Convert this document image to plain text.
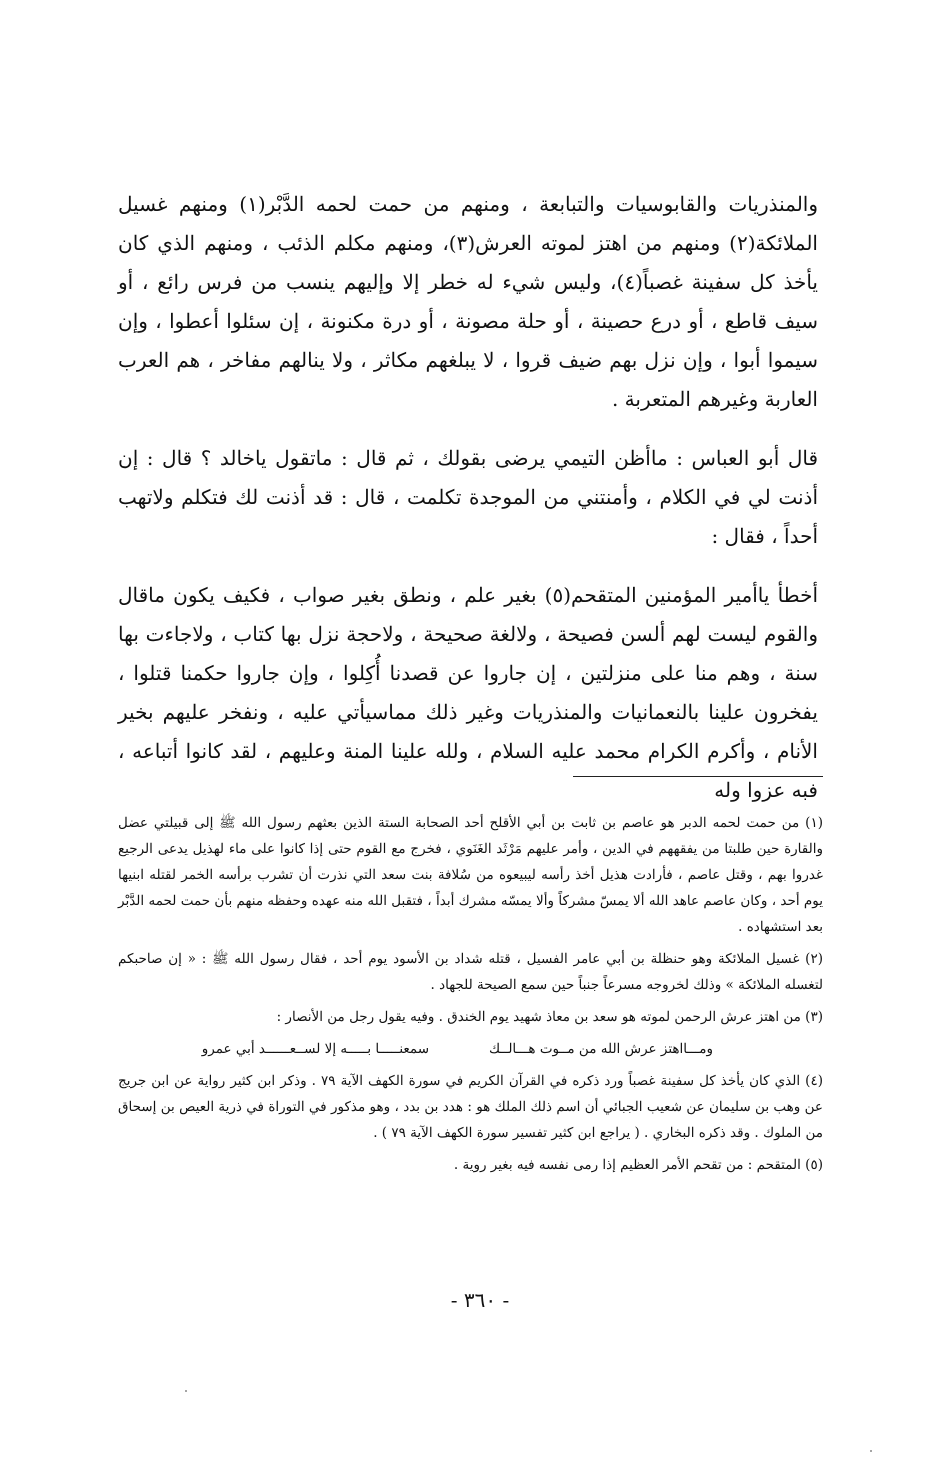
والمنذريات والقابوسيات والتبابعة ، ومنهم من حمت لحمه الدَّبْر(١) ومنهم غسيل الملائكة(٢) ومنهم من اهتز لموته العرش(٣)، ومنهم مكلم الذئب ، ومنهم الذي كان يأخذ كل سفينة غصباً(٤)، وليس شيء له خطر إلا وإليهم ينسب من فرس رائع ، أو سيف قاطع ، أو درع حصينة ، أو حلة مصونة ، أو درة مكنونة ، إن سئلوا أعطوا ، وإن سيموا أبوا ، وإن نزل بهم ضيف قروا ، لا يبلغهم مكاثر ، ولا ينالهم مفاخر ، هم العرب العاربة وغيرهم المتعربة .

قال أبو العباس : ماأظن التيمي يرضى بقولك ، ثم قال : ماتقول ياخالد ؟ قال : إن أذنت لي في الكلام ، وأمنتني من الموجدة تكلمت ، قال : قد أذنت لك فتكلم ولاتهب أحداً ، فقال :

أخطأ ياأمير المؤمنين المتقحم(٥) بغير علم ، ونطق بغير صواب ، فكيف يكون ماقال والقوم ليست لهم ألسن فصيحة ، ولالغة صحيحة ، ولاحجة نزل بها كتاب ، ولاجاءت بها سنة ، وهم منا على منزلتين ، إن جاروا عن قصدنا أُكِلوا ، وإن جاروا حكمنا قتلوا ، يفخرون علينا بالنعمانيات والمنذريات وغير ذلك مماسيأتي عليه ، ونفخر عليهم بخير الأنام ، وأكرم الكرام محمد عليه السلام ، ولله علينا المنة وعليهم ، لقد كانوا أتباعه ، فبه عزوا وله

(١) من حمت لحمه الدبر هو عاصم بن ثابت بن أبي الأقلح أحد الصحابة الستة الذين بعثهم رسول الله ﷺ إلى قبيلتي عضل والقارة حين طلبتا من يفقههم في الدين ، وأمر عليهم مَرْثَد الغَنَوي ، فخرج مع القوم حتى إذا كانوا على ماء لهذيل يدعى الرجيع غدروا بهم ، وقتل عاصم ، فأرادت هذيل أخذ رأسه ليبيعوه من سُلافة بنت سعد التي نذرت أن تشرب برأسه الخمر لقتله ابنيها يوم أحد ، وكان عاصم عاهد الله ألا يمسّ مشركاً وألا يمسّه مشرك أبداً ، فتقبل الله منه عهده وحفظه منهم بأن حمت لحمه الدَّبْر بعد استشهاده .

(٢) غسيل الملائكة وهو حنظلة بن أبي عامر الفسيل ، قتله شداد بن الأسود يوم أحد ، فقال رسول الله ﷺ : « إن صاحبكم لتغسله الملائكة » وذلك لخروجه مسرعاً جنباً حين سمع الصيحة للجهاد .

(٣) من اهتز عرش الرحمن لموته هو سعد بن معاذ شهيد يوم الخندق . وفيه يقول رجل من الأنصار :

ومـــااهتز عرش الله من مــوت هـــالــك
سمعنـــــا بـــــه إلا لســعــــــد أبي عمرو

(٤) الذي كان يأخذ كل سفينة غصباً ورد ذكره في القرآن الكريم في سورة الكهف الآية ٧٩ . وذكر ابن كثير رواية عن ابن جريج عن وهب بن سليمان عن شعيب الجبائي أن اسم ذلك الملك هو : هدد بن بدد ، وهو مذكور في التوراة في ذرية العيص بن إسحاق من الملوك . وقد ذكره البخاري . ( يراجع ابن كثير تفسير سورة الكهف الآية ٧٩ ) .

(٥) المتقحم : من تقحم الأمر العظيم إذا رمى نفسه فيه بغير روية .

- ٣٦٠ -
